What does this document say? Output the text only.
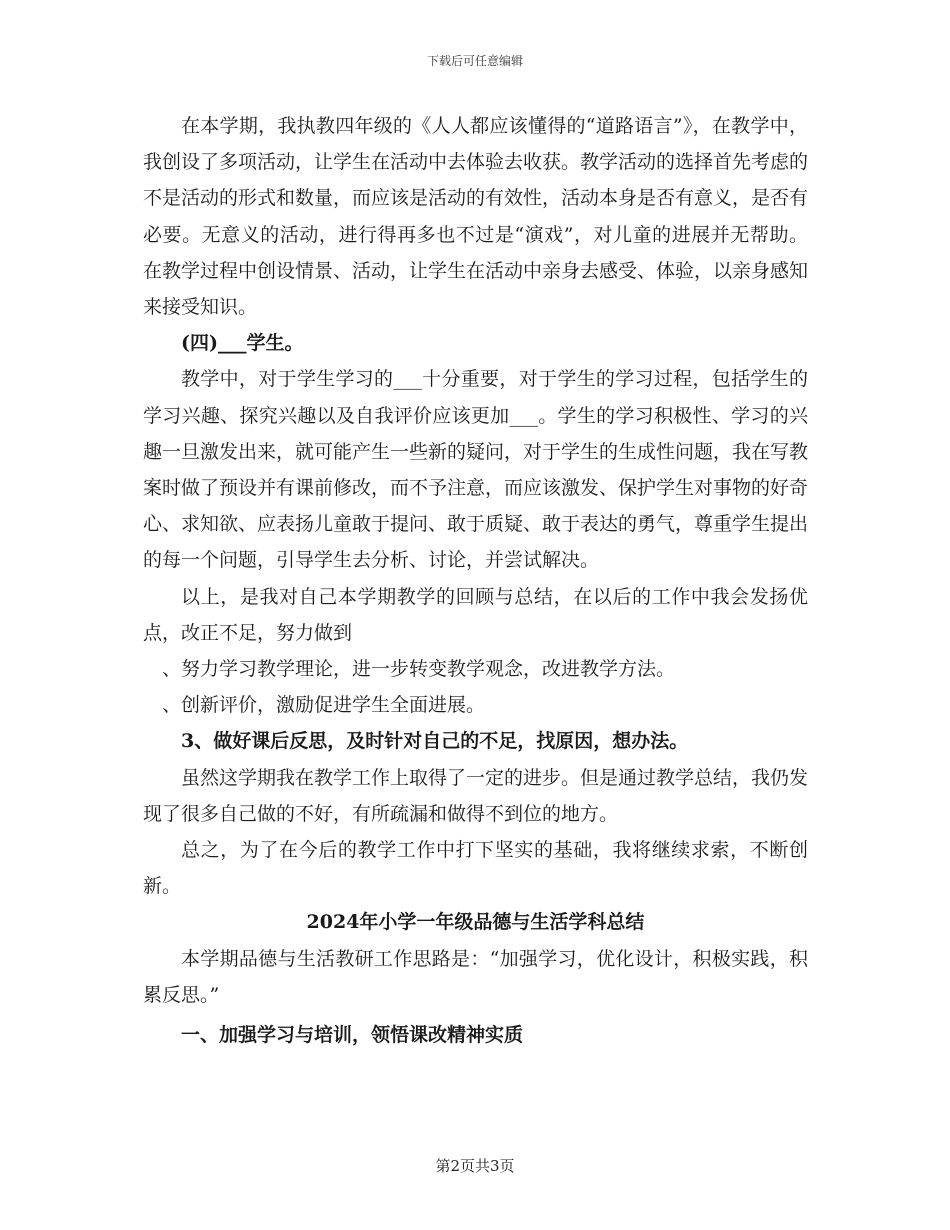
下载后可任意编辑

在本学期，我执教四年级的《人人都应该懂得的“道路语言”》，在教学中，我创设了多项活动，让学生在活动中去体验去收获。教学活动的选择首先考虑的不是活动的形式和数量，而应该是活动的有效性，活动本身是否有意义，是否有必要。无意义的活动，进行得再多也不过是“演戏”，对儿童的进展并无帮助。在教学过程中创设情景、活动，让学生在活动中亲身去感受、体验，以亲身感知来接受知识。

(四)___学生。

教学中，对于学生学习的___十分重要，对于学生的学习过程，包括学生的学习兴趣、探究兴趣以及自我评价应该更加___。学生的学习积极性、学习的兴趣一旦激发出来，就可能产生一些新的疑问，对于学生的生成性问题，我在写教案时做了预设并有课前修改，而不予注意，而应该激发、保护学生对事物的好奇心、求知欲、应表扬儿童敢于提问、敢于质疑、敢于表达的勇气，尊重学生提出的每一个问题，引导学生去分析、讨论，并尝试解决。

以上，是我对自己本学期教学的回顾与总结，在以后的工作中我会发扬优点，改正不足，努力做到

、努力学习教学理论，进一步转变教学观念，改进教学方法。

、创新评价，激励促进学生全面进展。

3、做好课后反思，及时针对自己的不足，找原因，想办法。

虽然这学期我在教学工作上取得了一定的进步。但是通过教学总结，我仍发现了很多自己做的不好，有所疏漏和做得不到位的地方。

总之，为了在今后的教学工作中打下坚实的基础，我将继续求索，不断创新。

2024年小学一年级品德与生活学科总结

本学期品德与生活教研工作思路是：“加强学习，优化设计，积极实践，积累反思。”

一、加强学习与培训，领悟课改精神实质

第2页共3页
